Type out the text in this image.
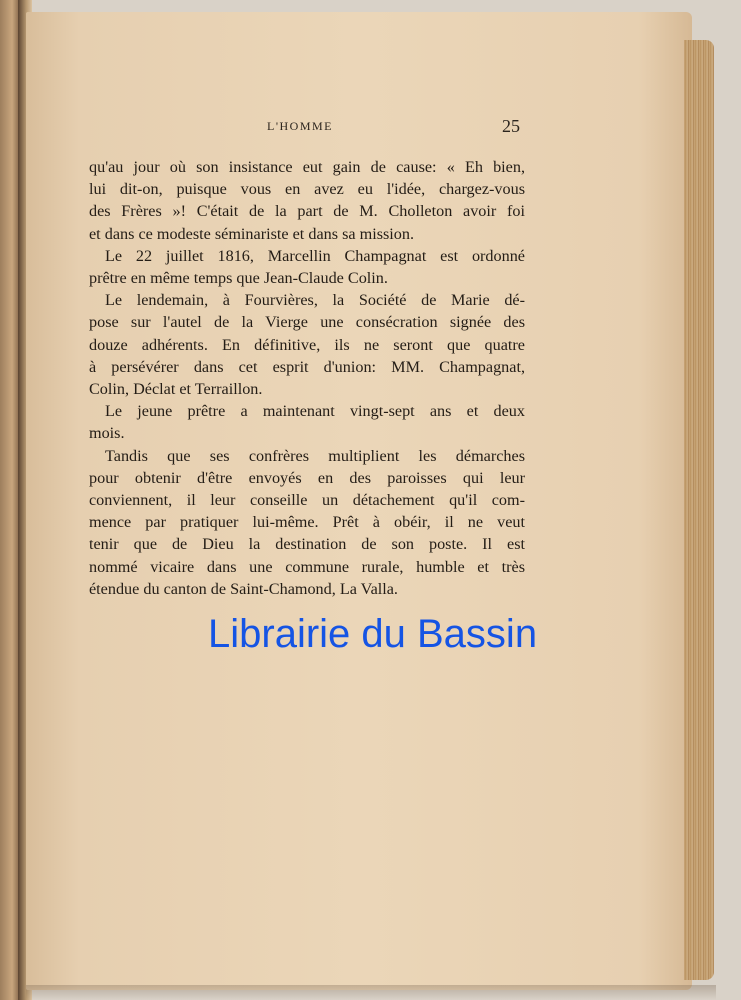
L'HOMME	25
qu'au jour où son insistance eut gain de cause: « Eh bien,
lui dit-on, puisque vous en avez eu l'idée, chargez-vous
des Frères »! C'était de la part de M. Cholleton avoir foi
et dans ce modeste séminariste et dans sa mission.
Le 22 juillet 1816, Marcellin Champagnat est ordonné
prêtre en même temps que Jean-Claude Colin.
Le lendemain, à Fourvières, la Société de Marie dé-
pose sur l'autel de la Vierge une consécration signée des
douze adhérents. En définitive, ils ne seront que quatre
à persévérer dans cet esprit d'union: MM. Champagnat,
Colin, Déclat et Terraillon.
Le jeune prêtre a maintenant vingt-sept ans et deux
mois.
Tandis que ses confrères multiplient les démarches
pour obtenir d'être envoyés en des paroisses qui leur
conviennent, il leur conseille un détachement qu'il com-
mence par pratiquer lui-même. Prêt à obéir, il ne veut
tenir que de Dieu la destination de son poste. Il est
nommé vicaire dans une commune rurale, humble et très
étendue du canton de Saint-Chamond, La Valla.
Librairie du Bassin
